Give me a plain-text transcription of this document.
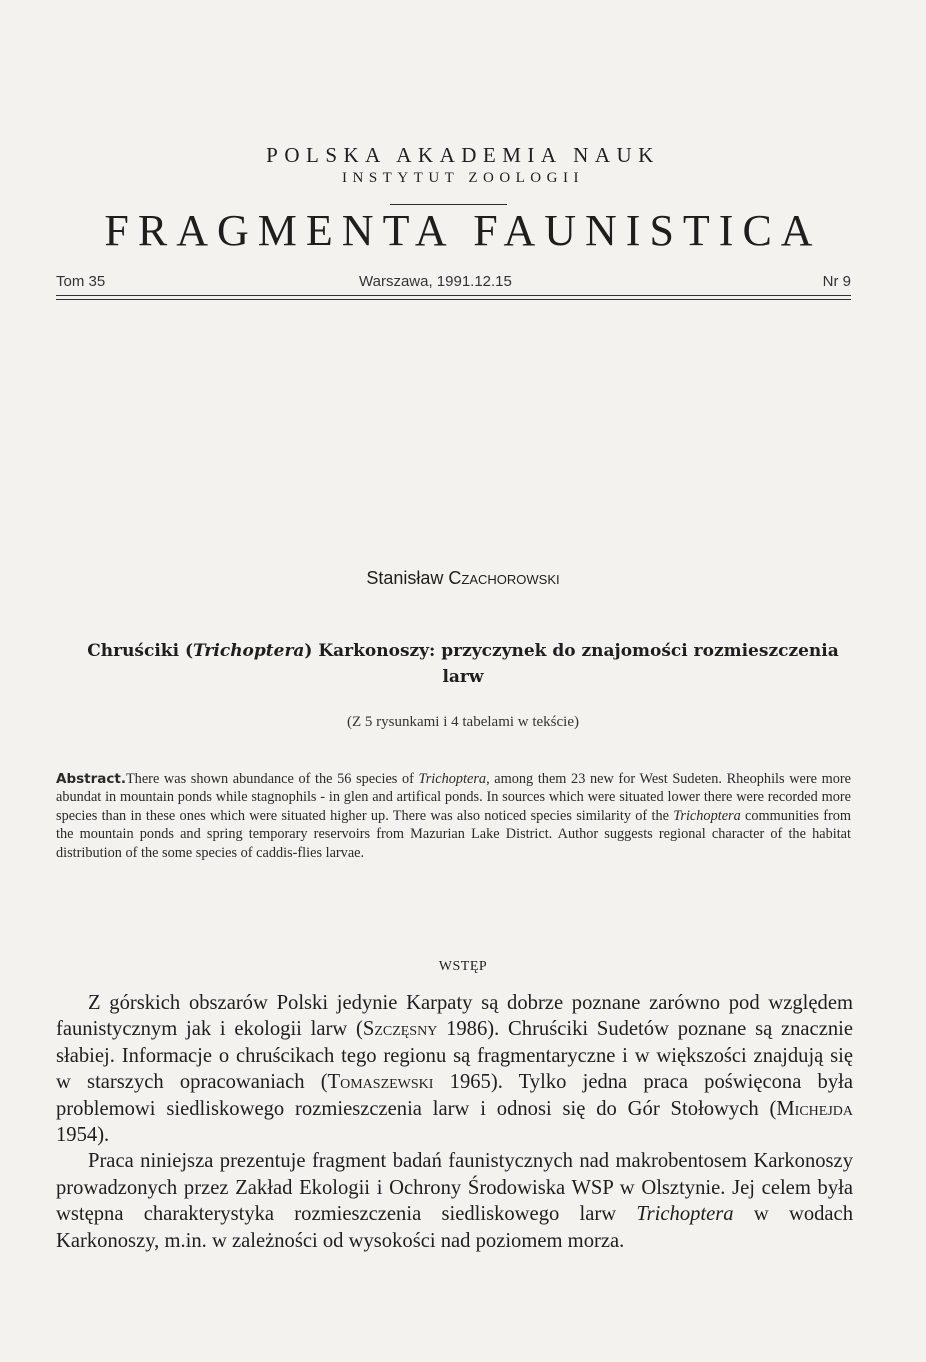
POLSKA AKADEMIA NAUK
INSTYTUT ZOOLOGII
FRAGMENTA FAUNISTICA
Tom 35	Warszawa, 1991.12.15	Nr 9
Stanisław Czachorowski
Chruściki (Trichoptera) Karkonoszy: przyczynek do znajomości rozmieszczenia larw
(Z 5 rysunkami i 4 tabelami w tekście)
Abstract.There was shown abundance of the 56 species of Trichoptera, among them 23 new for West Sudeten. Rheophils were more abundat in mountain ponds while stagnophils - in glen and artifical ponds. In sources which were situated lower there were recorded more species than in these ones which were situated higher up. There was also noticed species similarity of the Trichoptera communities from the mountain ponds and spring temporary reservoirs from Mazurian Lake District. Author suggests regional character of the habitat distribution of the some species of caddis-flies larvae.
WSTĘP

Z górskich obszarów Polski jedynie Karpaty są dobrze poznane zarówno pod względem faunistycznym jak i ekologii larw (Szczęsny 1986). Chruściki Sudetów poznane są znacznie słabiej. Informacje o chruścikach tego regionu są fragmentaryczne i w większości znajdują się w starszych opracowaniach (Tomaszewski 1965). Tylko jedna praca poświęcona była problemowi siedliskowego rozmieszczenia larw i odnosi się do Gór Stołowych (Michejda 1954).

Praca niniejsza prezentuje fragment badań faunistycznych nad makrobentosem Karkonoszy prowadzonych przez Zakład Ekologii i Ochrony Środowiska WSP w Olsztynie. Jej celem była wstępna charakterystyka rozmieszczenia siedliskowego larw Trichoptera w wodach Karkonoszy, m.in. w zależności od wysokości nad poziomem morza.
